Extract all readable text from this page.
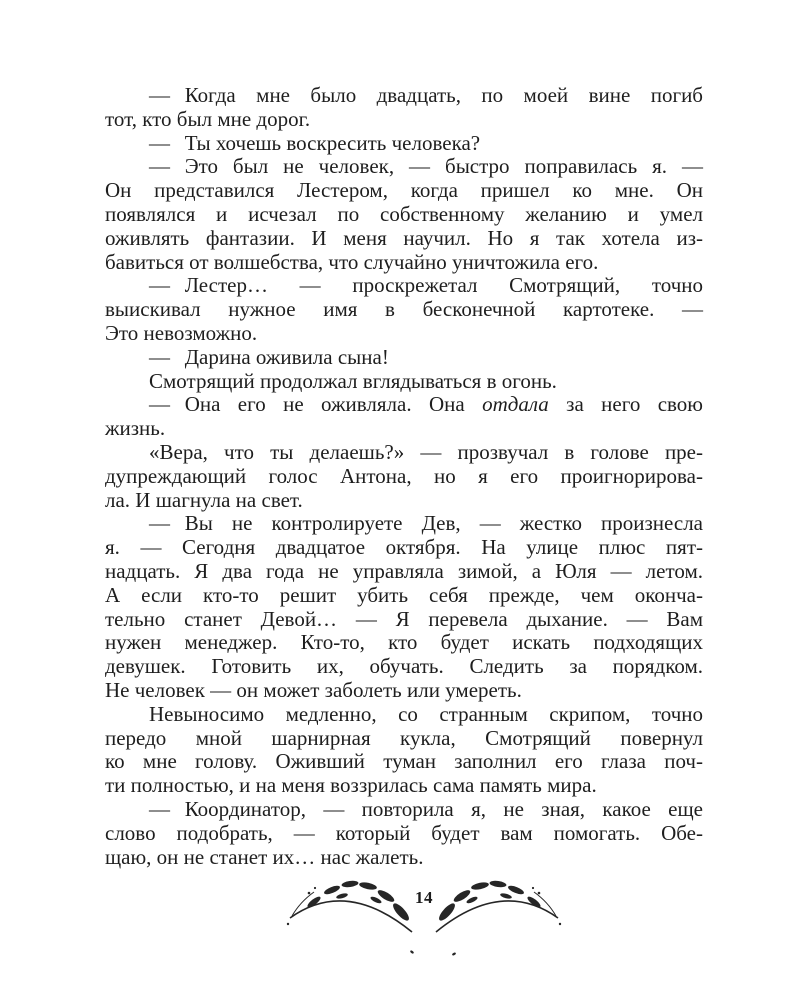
—  Когда мне было двадцать, по моей вине погиб
тот, кто был мне дорог.
—  Ты хочешь воскресить человека?
—  Это был не человек, — быстро поправилась я. —
Он представился Лестером, когда пришел ко мне. Он
появлялся и исчезал по собственному желанию и умел
оживлять фантазии. И меня научил. Но я так хотела из-
бавиться от волшебства, что случайно уничтожила его.
—  Лестер… — проскрежетал Смотрящий, точно
выискивал нужное имя в бесконечной картотеке. —
Это невозможно.
—  Дарина оживила сына!
Смотрящий продолжал вглядываться в огонь.
—  Она его не оживляла. Она отдала за него свою
жизнь.
«Вера, что ты делаешь?» — прозвучал в голове пре-
дупреждающий голос Антона, но я его проигнорирова-
ла. И шагнула на свет.
—  Вы не контролируете Дев, — жестко произнесла
я. — Сегодня двадцатое октября. На улице плюс пят-
надцать. Я два года не управляла зимой, а Юля — летом.
А если кто-то решит убить себя прежде, чем оконча-
тельно станет Девой… — Я перевела дыхание. — Вам
нужен менеджер. Кто-то, кто будет искать подходящих
девушек. Готовить их, обучать. Следить за порядком.
Не человек — он может заболеть или умереть.
Невыносимо медленно, со странным скрипом, точно
передо мной шарнирная кукла, Смотрящий повернул
ко мне голову. Оживший туман заполнил его глаза поч-
ти полностью, и на меня воззрилась сама память мира.
—  Координатор, — повторила я, не зная, какое еще
слово подобрать, — который будет вам помогать. Обе-
щаю, он не станет их… нас жалеть.
14
